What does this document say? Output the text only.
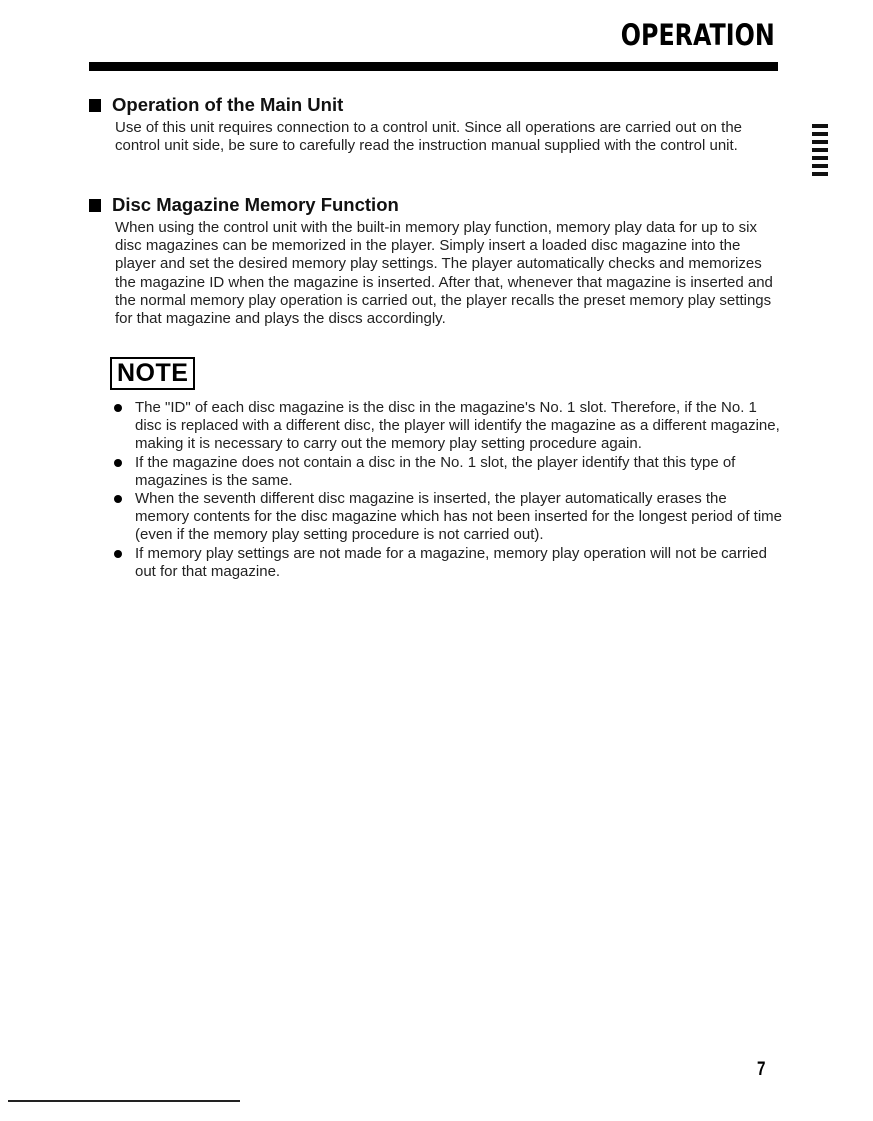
OPERATION
Operation of the Main Unit
Use of this unit requires connection to a control unit. Since all operations are carried out on the control unit side, be sure to carefully read the instruction manual supplied with the control unit.
Disc Magazine Memory Function
When using the control unit with the built-in memory play function, memory play data for up to six disc magazines can be memorized in the player. Simply insert a loaded disc magazine into the player and set the desired memory play settings. The player automatically checks and memorizes the magazine ID when the magazine is inserted. After that, whenever that magazine is inserted and the normal memory play operation is carried out, the player recalls the preset memory play settings for that magazine and plays the discs accordingly.
NOTE
The "ID" of each disc magazine is the disc in the magazine's No. 1 slot. Therefore, if the No. 1 disc is replaced with a different disc, the player will identify the magazine as a different magazine, making it is necessary to carry out the memory play setting procedure again.
If the magazine does not contain a disc in the No. 1 slot, the player identify that this type of magazines is the same.
When the seventh different disc magazine is inserted, the player automatically erases the memory contents for the disc magazine which has not been inserted for the longest period of time (even if the memory play setting procedure is not carried out).
If memory play settings are not made for a magazine, memory play operation will not be carried out for that magazine.
7
